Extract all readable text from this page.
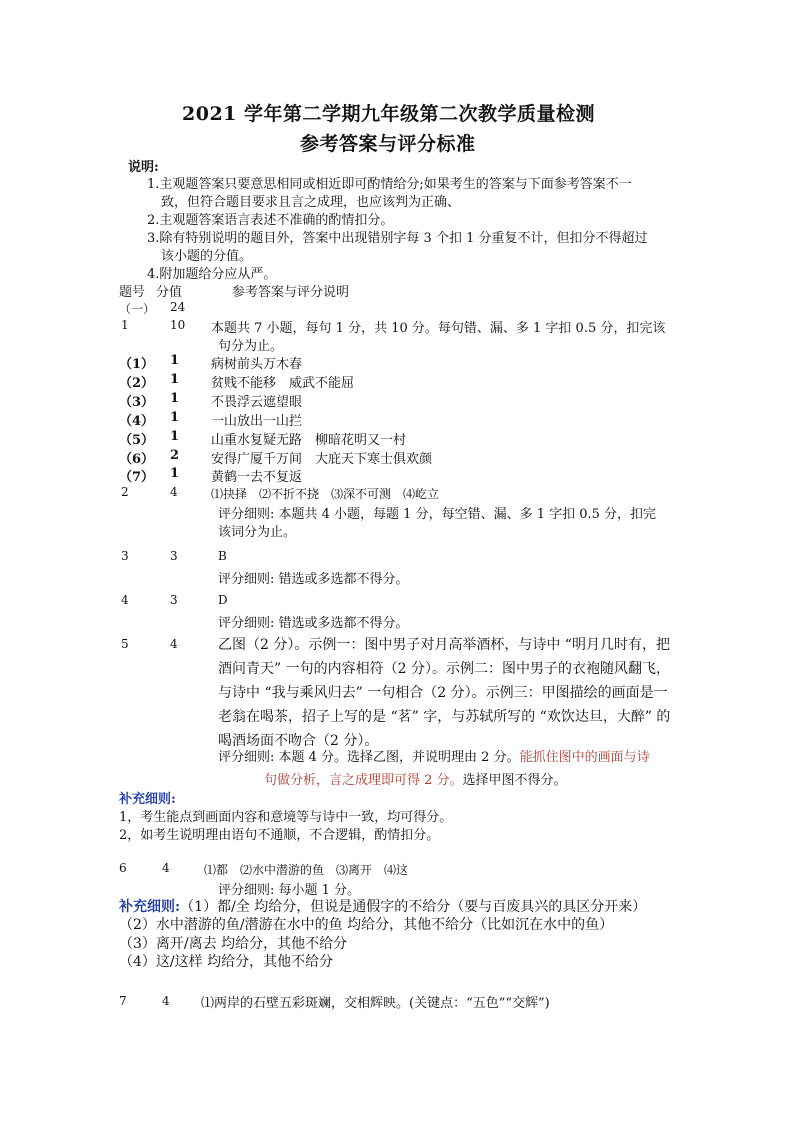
2021 学年第二学期九年级第二次教学质量检测
参考答案与评分标准
说明:
1.主观题答案只要意思相同或相近即可酌情给分;如果考生的答案与下面参考答案不一
致，但符合题目要求且言之成理，也应该判为正确、
2.主观题答案语言表述不准确的酌情扣分。
3.除有特别说明的题目外，答案中出现错别字每 3 个扣 1 分重复不计，但扣分不得超过
该小题的分值。
4.附加题给分应从严。
题号 分值	参考答案与评分说明
（一） 24
1	10 本题共 7 小题，每句 1 分，共 10 分。每句错、漏、多 1 字扣 0.5 分，扣完该
句分为止。
（1） 1 病树前头万木春
（2） 1 贫贱不能移　威武不能屈
（3） 1 不畏浮云遮望眼
（4） 1 一山放出一山拦
（5） 1 山重水复疑无路　柳暗花明又一村
（6） 2 安得广厦千万间　大庇天下寒士俱欢颜
（7） 1 黄鹤一去不复返
2	4	⑴抉择　⑵不折不挠　⑶深不可测　⑷屹立
评分细则: 本题共 4 小题，每题 1 分，每空错、漏、多 1 字扣 0.5 分，扣完
该词分为止。
3	3	B
评分细则: 错选或多选都不得分。
4	3	D
评分细则: 错选或多选都不得分。
5	4	乙图（2 分）。示例一：图中男子对月高举酒杯，与诗中 “明月几时有，把
酒问青天” 一句的内容相符（2 分）。示例二：图中男子的衣袍随风翻飞，
与诗中 “我与乘风归去” 一句相合（2 分）。示例三：甲图描绘的画面是一
老翁在喝茶，招子上写的是 “茗” 字，与苏轼所写的 “欢饮达旦，大醉” 的
喝酒场面不吻合（2 分）。
评分细则: 本题 4 分。选择乙图，并说明理由 2 分。能抓住图中的画面与诗
句做分析，言之成理即可得 2 分。选择甲图不得分。
补充细则:
1，考生能点到画面内容和意境等与诗中一致，均可得分。
2，如考生说明理由语句不通顺，不合逻辑，酌情扣分。
6	4	⑴都　⑵水中潜游的鱼　⑶离开　⑷这
评分细则: 每小题 1 分。
补充细则:（1）都/全 均给分，但说是通假字的不给分（要与百废具兴的具区分开来）
（2）水中潜游的鱼/潜游在水中的鱼 均给分，其他不给分（比如沉在水中的鱼）
（3）离开/离去 均给分，其他不给分
（4）这/这样 均给分，其他不给分
7	4 ⑴两岸的石壁五彩斑斓，交相辉映。(关键点：“五色”“交辉”)
